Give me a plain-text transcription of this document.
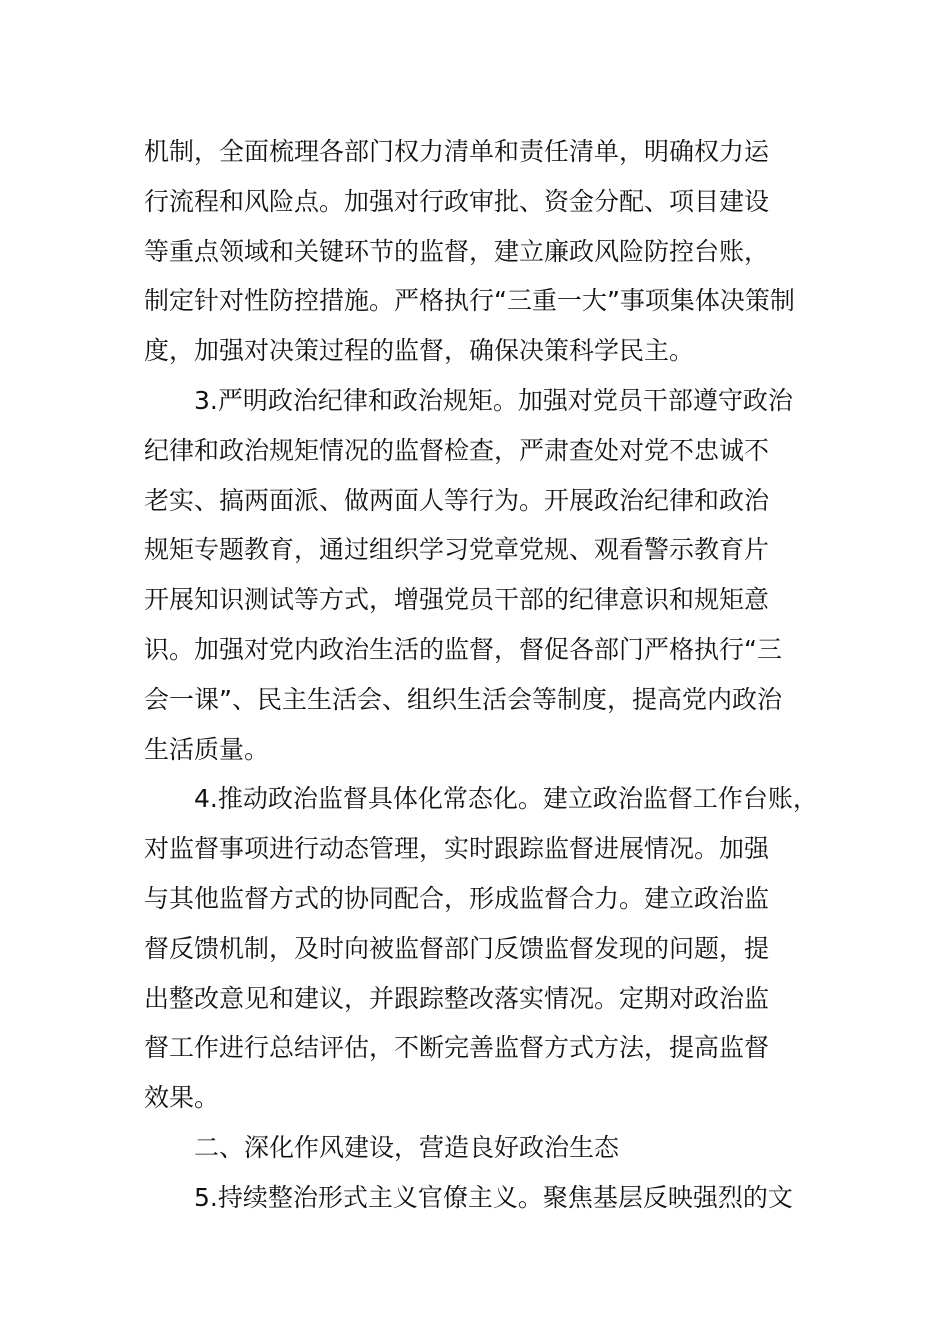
机制，全面梳理各部门权力清单和责任清单，明确权力运
行流程和风险点。加强对行政审批、资金分配、项目建设
等重点领域和关键环节的监督，建立廉政风险防控台账，
制定针对性防控措施。严格执行“三重一大”事项集体决策制
度，加强对决策过程的监督，确保决策科学民主。
3.严明政治纪律和政治规矩。加强对党员干部遵守政治
纪律和政治规矩情况的监督检查，严肃查处对党不忠诚不
老实、搞两面派、做两面人等行为。开展政治纪律和政治
规矩专题教育，通过组织学习党章党规、观看警示教育片
开展知识测试等方式，增强党员干部的纪律意识和规矩意
识。加强对党内政治生活的监督，督促各部门严格执行“三
会一课”、民主生活会、组织生活会等制度，提高党内政治
生活质量。
4.推动政治监督具体化常态化。建立政治监督工作台账，
对监督事项进行动态管理，实时跟踪监督进展情况。加强
与其他监督方式的协同配合，形成监督合力。建立政治监
督反馈机制，及时向被监督部门反馈监督发现的问题，提
出整改意见和建议，并跟踪整改落实情况。定期对政治监
督工作进行总结评估，不断完善监督方式方法，提高监督
效果。
二、深化作风建设，营造良好政治生态
5.持续整治形式主义官僚主义。聚焦基层反映强烈的文
